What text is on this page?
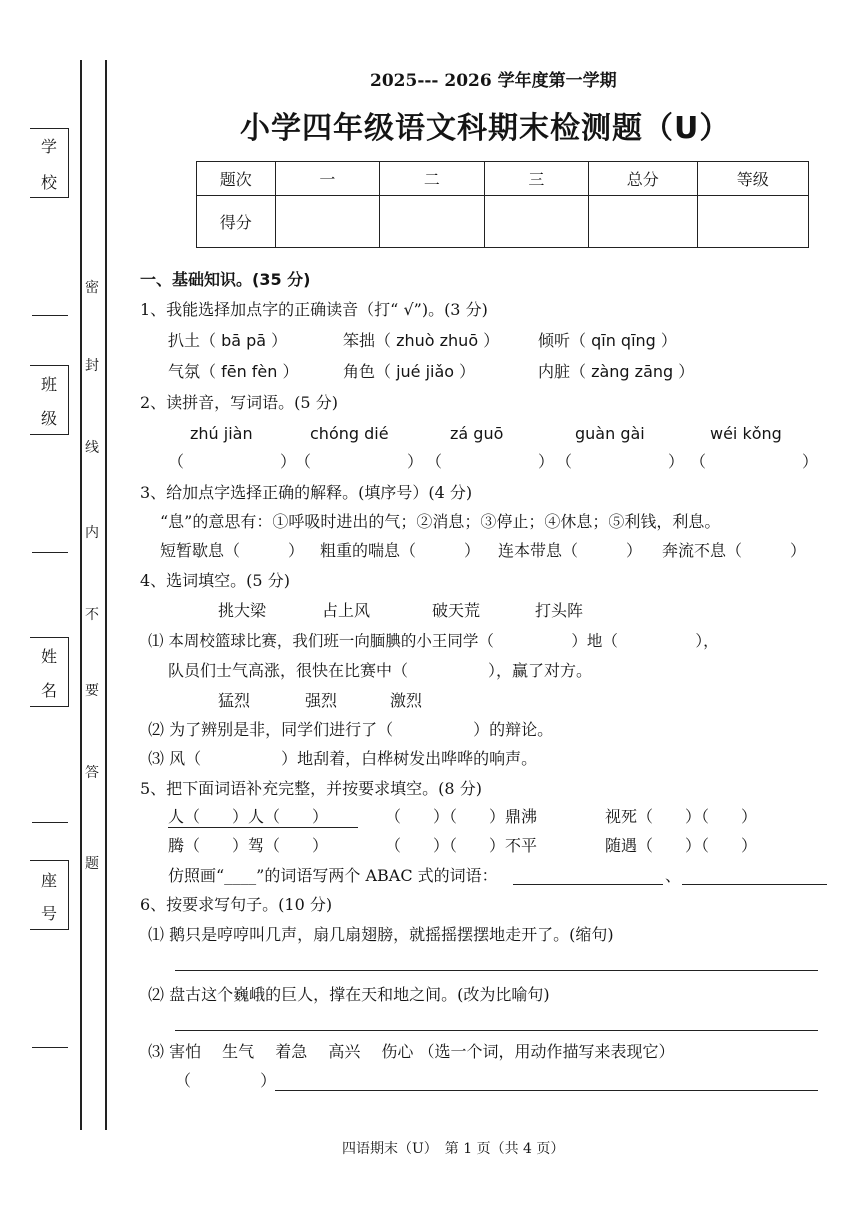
学
校
班
级
姓
名
座
号
密
封
线
内
不
要
答
题
2025--- 2026 学年度第一学期
小学四年级语文科期末检测题（U）
题次	一	二	三	总分	等级
得分					
一、基础知识。(35 分)
1、我能选择加点字的正确读音（打“ √”)。(3 分)
扒土（ bā pā ）	笨拙（ zhuò zhuō ） 倾听（ qīn qīng ）
气氛（ fēn fèn ）	角色（ jué jiǎo ）	内脏（ zàng zāng ）
2、读拼音，写词语。(5 分)
zhú jiàn	chóng dié	zá guō	guàn gài	wéi kǒng
（　　　　　　）
（　　　　　　） （　　　　　　） （　　　　　　） （　　　　　　）
3、给加点字选择正确的解释。(填序号）(4 分)
“息”的意思有：①呼吸时进出的气；②消息；③停止；④休息；⑤利钱，利息。
短暂歇息（　　　） 粗重的喘息（　　　） 连本带息（　　　） 奔流不息（　　　）
4、选词填空。(5 分)
挑大梁	占上风	破天荒	打头阵
⑴ 本周校篮球比赛，我们班一向腼腆的小王同学（　　　　　）地（　　　　　），
队员们士气高涨，很快在比赛中（　　　　　），赢了对方。
猛烈	强烈	激烈
⑵ 为了辨别是非，同学们进行了（　　　　　）的辩论。
⑶ 风（　　　　　）地刮着，白桦树发出哗哗的响声。
5、把下面词语补充完整，并按要求填空。(8 分)
人（　　）人（　　）	（　　）（　　）鼎沸	视死（　　）（　　）
腾（　　）驾（　　）	（　　）（　　）不平	随遇（　　）（　　）
仿照画“____”的词语写两个 ABAC 式的词语：	、
6、按要求写句子。(10 分)
⑴ 鹅只是哼哼叫几声，扇几扇翅膀，就摇摇摆摆地走开了。(缩句)
⑵ 盘古这个巍峨的巨人，撑在天和地之间。(改为比喻句)
⑶ 害怕　 生气　 着急　 高兴　 伤心 （选一个词，用动作描写来表现它）
（　　　　 ）
四语期末（U）　第 1 页（共 4 页）
